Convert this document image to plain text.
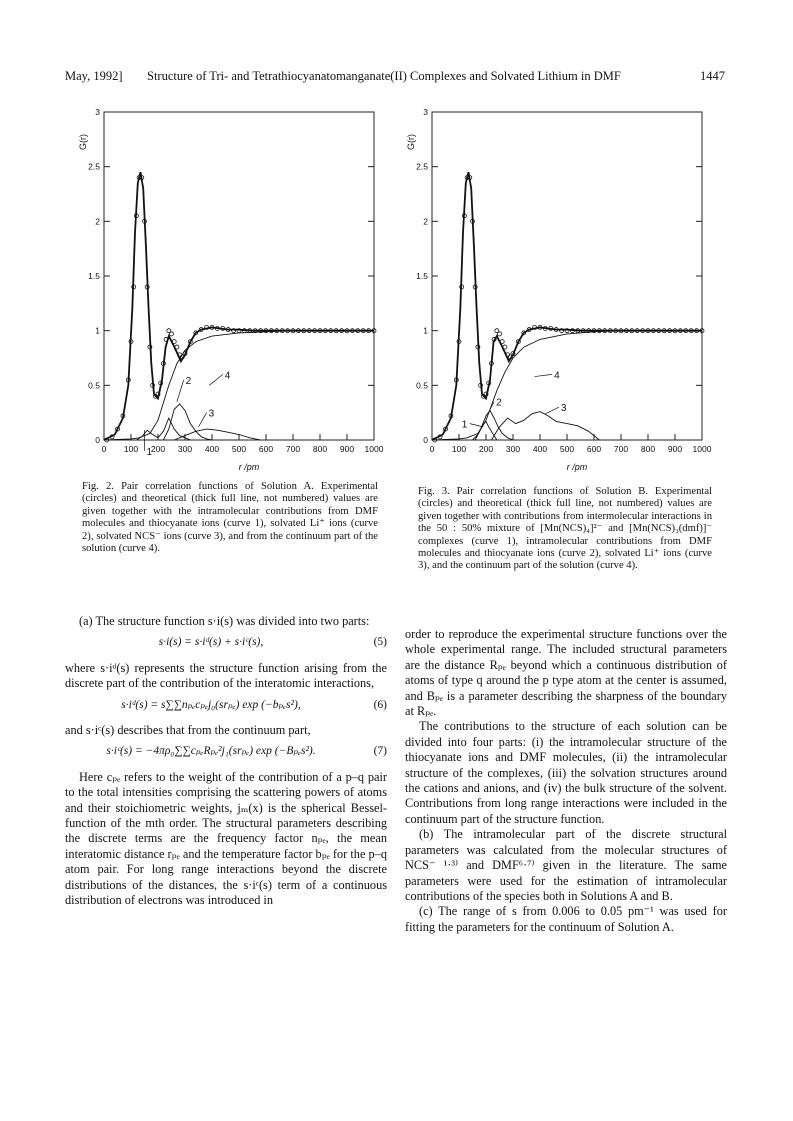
May, 1992] Structure of Tri- and Tetrathiocyanatomanganate(II) Complexes and Solvated Lithium in DMF	1447
0
0.5
1
1.5
2
2.5
3
0 100 200 300 400 500 600 700 800 900 1000
G(r)
r /pm
1
2
3
4
0
0.5
1
1.5
2
2.5
3
0 100 200 300 400 500 600 700 800 900 1000
G(r)
r /pm
1
2	3
4
Fig. 2. Pair correlation functions of Solution A. Experimental (circles) and theoretical (thick full line, not numbered) values are given together with the intramolecular contributions from DMF molecules and thiocyanate ions (curve 1), solvated Li⁺ ions (curve 2), solvated NCS⁻ ions (curve 3), and from the continuum part of the solution (curve 4).
Fig. 3. Pair correlation functions of Solution B. Experimental (circles) and theoretical (thick full line, not numbered) values are given together with contributions from intermolecular interactions in the 50 : 50% mixture of [Mn(NCS)₄]²⁻ and [Mn(NCS)₃(dmf)]⁻ complexes (curve 1), intramolecular contributions from DMF molecules and thiocyanate ions (curve 2), solvated Li⁺ ions (curve 3), and the continuum part of the solution (curve 4).

(a) The structure function s·i(s) was divided into two parts:

s·i(s) = s·iᵈ(s) + s·iᶜ(s),	(5)

where s·iᵈ(s) represents the structure function arising from the discrete part of the contribution of the interatomic interactions,

s·iᵈ(s) = s∑∑nₚₑcₚₑj₀(srₚₑ) exp (−bₚₑs²),	(6)

and s·iᶜ(s) describes that from the continuum part,

s·iᶜ(s) = −4πρ₀∑∑cₚₑRₚₑ²j₁(srₚₑ) exp (−Bₚₑs²).	(7)

Here cₚₑ refers to the weight of the contribution of a p–q pair to the total intensities comprising the scattering powers of atoms and their stoichiometric weights, jₘ(x) is the spherical Bessel-function of the mth order. The structural parameters describing the discrete terms are the frequency factor nₚₑ, the mean interatomic distance rₚₑ and the temperature factor bₚₑ for the p–q atom pair. For long range interactions beyond the discrete distributions of the distances, the s·iᶜ(s) term of a continuous distribution of electrons was introduced in

order to reproduce the experimental structure functions over the whole experimental range. The included structural parameters are the distance Rₚₑ beyond which a continuous distribution of atoms of type q around the p type atom at the center is assumed, and Bₚₑ is a parameter describing the sharpness of the boundary at Rₚₑ.

The contributions to the structure of each solution can be divided into four parts: (i) the intramolecular structure of the thiocyanate ions and DMF molecules, (ii) the intramolecular structure of the complexes, (iii) the solvation structures around the cations and anions, and (iv) the bulk structure of the solvent. Contributions from long range interactions were included in the continuum part of the structure function.

(b) The intramolecular part of the discrete structural parameters was calculated from the molecular structures of NCS⁻ ¹·³⁾ and DMF⁶·⁷⁾ given in the literature. The same parameters were used for the estimation of intramolecular contributions of the species both in Solutions A and B.

(c) The range of s from 0.006 to 0.05 pm⁻¹ was used for fitting the parameters for the continuum of Solution A.
